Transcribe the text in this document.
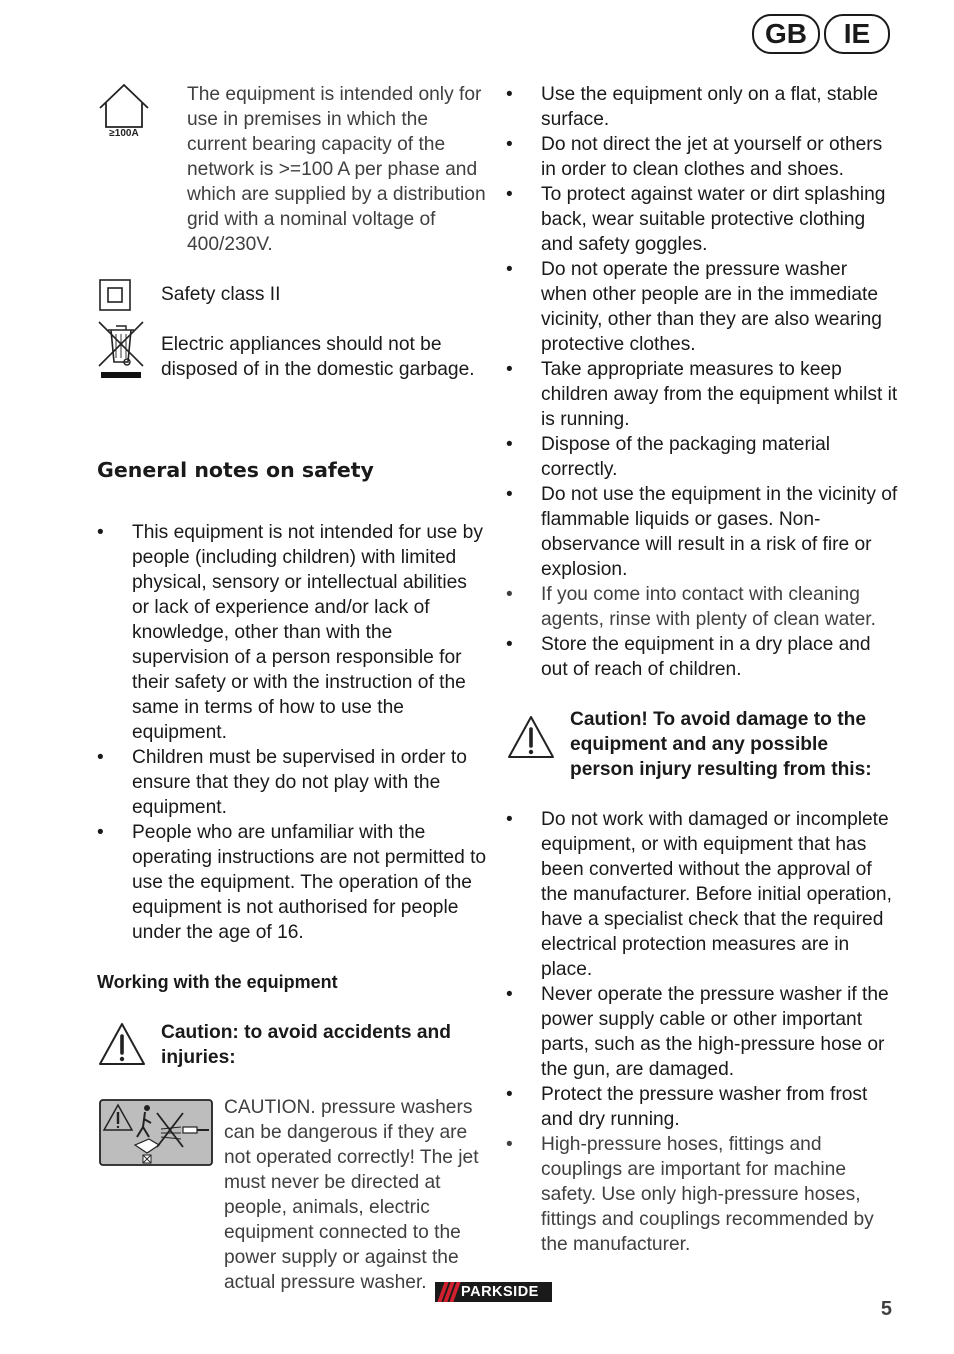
GB	IE
≥100A
The equipment is intended only for use in premises in which the current bearing capacity of the network is >=100 A per phase and which are supplied by a distribution grid with a nominal voltage of 400/230V.
Safety class II
Electric appliances should not be disposed of in the domestic garbage.
General notes on safety
• This equipment is not intended for use by people (including children) with limited physical, sensory or intellectual abilities or lack of experience and/or lack of knowledge, other than with the supervision of a person responsible for their safety or with the instruction of the same in terms of how to use the equipment.
• Children must be supervised in order to ensure that they do not play with the equipment.
• People who are unfamiliar with the operating instructions are not permitted to use the equipment. The operation of the equipment is not authorised for people under the age of 16.
Working with the equipment
Caution: to avoid accidents and injuries:
CAUTION. pressure washers can be dangerous if they are not operated correctly! The jet must never be directed at people, animals, electric equipment connected to the power supply or against the actual pressure washer.
• Use the equipment only on a flat, stable surface.
• Do not direct the jet at yourself or others in order to clean clothes and shoes.
• To protect against water or dirt splashing back, wear suitable protective clothing and safety goggles.
• Do not operate the pressure washer when other people are in the immediate vicinity, other than they are also wearing protective clothes.
• Take appropriate measures to keep children away from the equipment whilst it is running.
• Dispose of the packaging material correctly.
• Do not use the equipment in the vicinity of flammable liquids or gases. Non-observance will result in a risk of fire or explosion.
• If you come into contact with cleaning agents, rinse with plenty of clean water.
• Store the equipment in a dry place and out of reach of children.
Caution! To avoid damage to the equipment and any possible person injury resulting from this:
• Do not work with damaged or incomplete equipment, or with equipment that has been converted without the approval of the manufacturer. Before initial operation, have a specialist check that the required electrical protection measures are in place.
• Never operate the pressure washer if the power supply cable or other important parts, such as the high-pressure hose or the gun, are damaged.
• Protect the pressure washer from frost and dry running.
• High-pressure hoses, fittings and couplings are important for machine safety. Use only high-pressure hoses, fittings and couplings recommended by the manufacturer.
PARKSIDE
5
